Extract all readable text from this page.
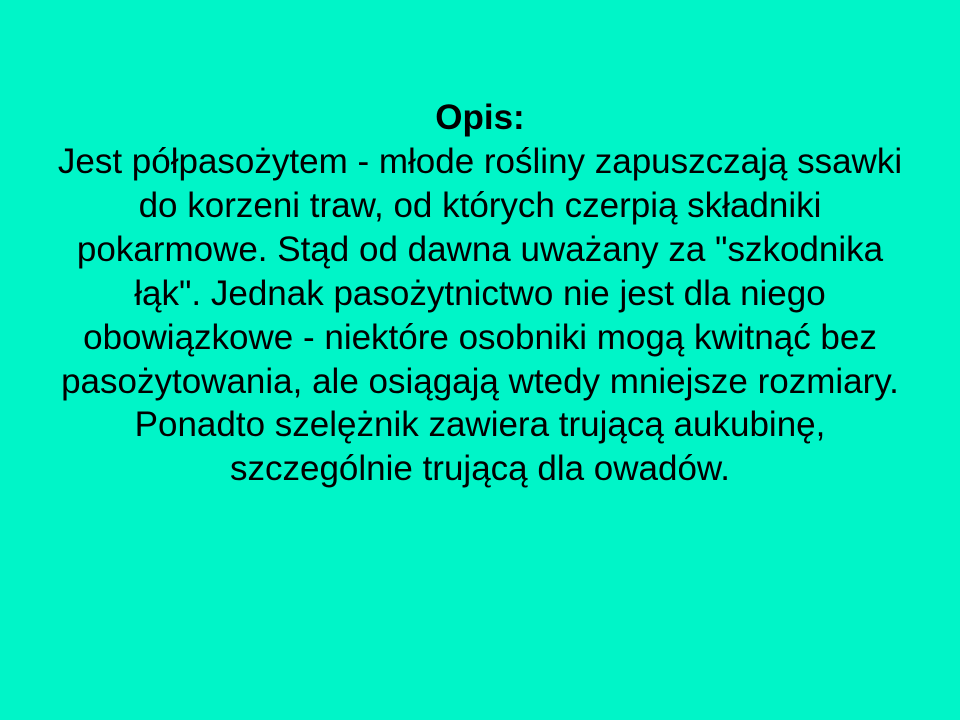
Opis:
Jest półpasożytem - młode rośliny zapuszczają ssawki do korzeni traw, od których czerpią składniki pokarmowe. Stąd od dawna uważany za "szkodnika łąk". Jednak pasożytnictwo nie jest dla niego obowiązkowe - niektóre osobniki mogą kwitnąć bez pasożytowania, ale osiągają wtedy mniejsze rozmiary. Ponadto szelężnik zawiera trującą aukubinę, szczególnie trującą dla owadów.
